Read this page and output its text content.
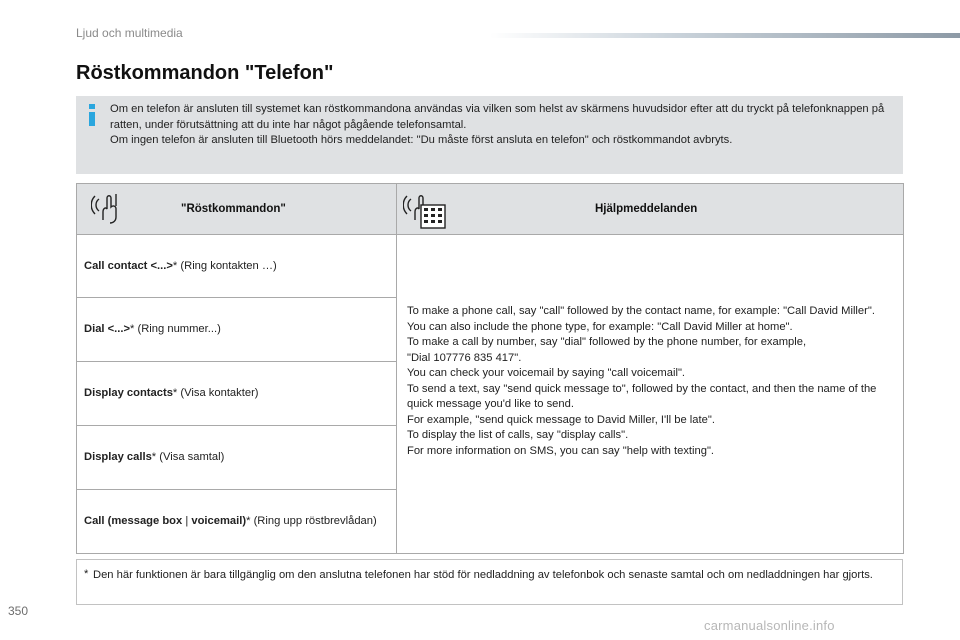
Ljud och multimedia
Röstkommandon "Telefon"

Om en telefon är ansluten till systemet kan röstkommandona användas via vilken som helst av skärmens huvudsidor efter att du tryckt på telefonknappen på ratten, under förutsättning att du inte har något pågående telefonsamtal.

Om ingen telefon är ansluten till Bluetooth hörs meddelandet: "Du måste först ansluta en telefon" och röstkommandot avbryts.

"Röstkommandon"	Hjälpmeddelanden
Call contact <...>* (Ring kontakten …)
Dial <...>* (Ring nummer...)
Display contacts* (Visa kontakter)
Display calls* (Visa samtal)
Call (message box | voicemail)* (Ring upp röstbrevlådan)

To make a phone call, say "call" followed by the contact name, for example: "Call David Miller".

You can also include the phone type, for example: "Call David Miller at home".

To make a call by number, say "dial" followed by the phone number, for example,

"Dial 107776 835 417".

You can check your voicemail by saying "call voicemail".

To send a text, say "send quick message to", followed by the contact, and then the name of the quick message you'd like to send.

For example, "send quick message to David Miller, I'll be late".

To display the list of calls, say "display calls".

For more information on SMS, you can say "help with texting".

* Den här funktionen är bara tillgänglig om den anslutna telefonen har stöd för nedladdning av telefonbok och senaste samtal och om nedladdningen har gjorts.
350
carmanualsonline.info
